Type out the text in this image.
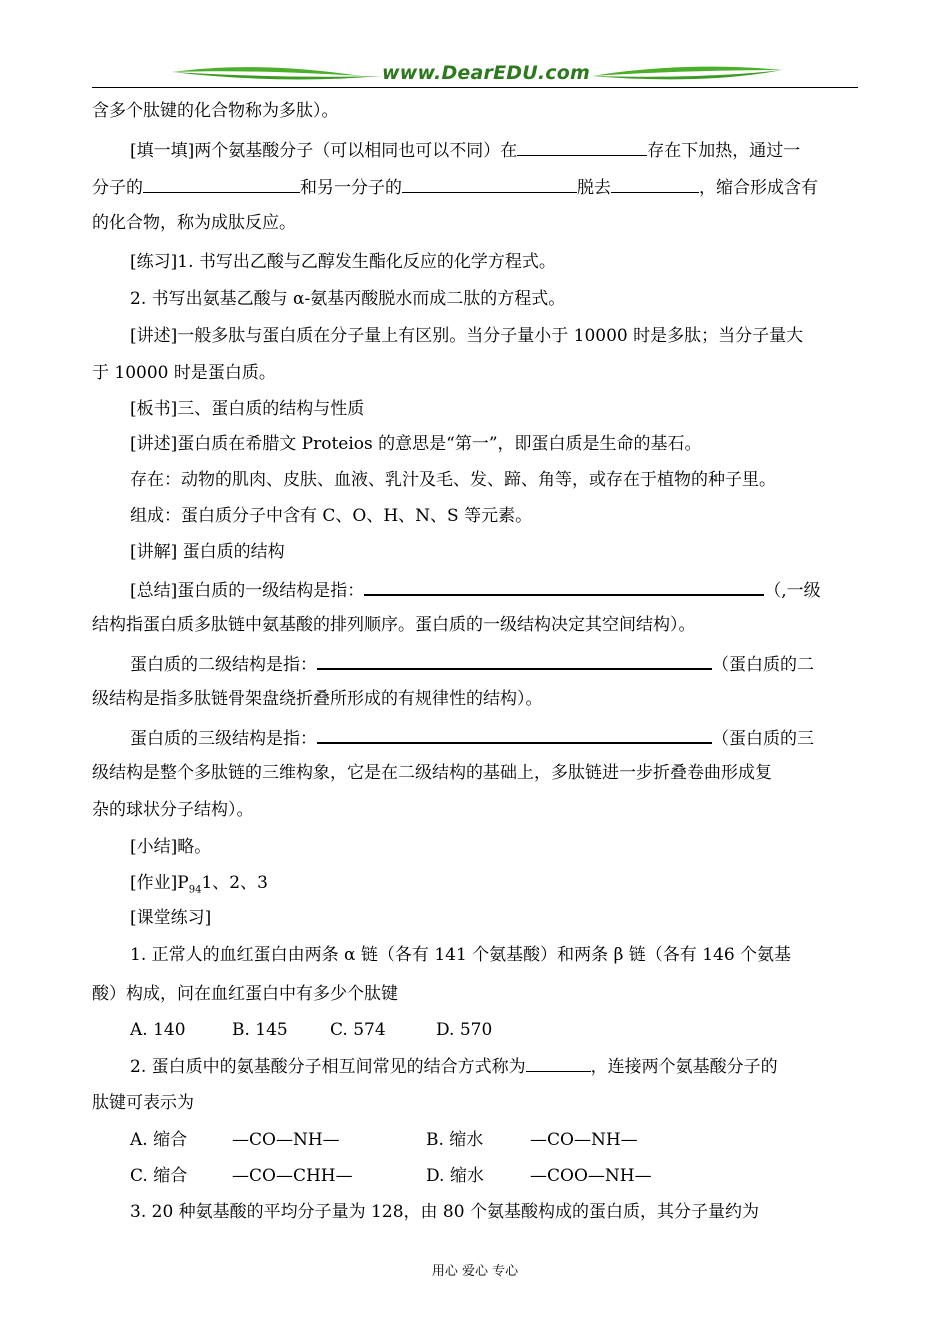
www.DearEDU.com
含多个肽键的化合物称为多肽）。
[填一填]两个氨基酸分子（可以相同也可以不同）在	存在下加热，通过一
分子的	和另一分子的	脱去	，缩合形成含有
的化合物，称为成肽反应。
[练习]1. 书写出乙酸与乙醇发生酯化反应的化学方程式。
2. 书写出氨基乙酸与 α-氨基丙酸脱水而成二肽的方程式。
[讲述]一般多肽与蛋白质在分子量上有区别。当分子量小于 10000 时是多肽；当分子量大
于 10000 时是蛋白质。
[板书]三、蛋白质的结构与性质
[讲述]蛋白质在希腊文 Proteios 的意思是“第一”，即蛋白质是生命的基石。
存在：动物的肌肉、皮肤、血液、乳汁及毛、发、蹄、角等，或存在于植物的种子里。
组成：蛋白质分子中含有 C、O、H、N、S 等元素。
[讲解] 蛋白质的结构
[总结]蛋白质的一级结构是指：	（,一级
结构指蛋白质多肽链中氨基酸的排列顺序。蛋白质的一级结构决定其空间结构）。
蛋白质的二级结构是指：	（蛋白质的二
级结构是指多肽链骨架盘绕折叠所形成的有规律性的结构）。
蛋白质的三级结构是指：	（蛋白质的三
级结构是整个多肽链的三维构象，它是在二级结构的基础上，多肽链进一步折叠卷曲形成复
杂的球状分子结构）。
[小结]略。
[作业]$P_{94}1$、2、3
[课堂练习]
1. 正常人的血红蛋白由两条 α 链（各有 141 个氨基酸）和两条 β 链（各有 146 个氨基
酸）构成，问在血红蛋白中有多少个肽键
A. 140	B. 145 C. 574	D. 570
2. 蛋白质中的氨基酸分子相互间常见的结合方式称为	，连接两个氨基酸分子的
肽键可表示为
A. 缩合	—CO—NH—	B. 缩水	—CO—NH—
C. 缩合	—CO—CHH—	D. 缩水	—COO—NH—
3. 20 种氨基酸的平均分子量为 128，由 80 个氨基酸构成的蛋白质，其分子量约为
用心 爱心 专心
